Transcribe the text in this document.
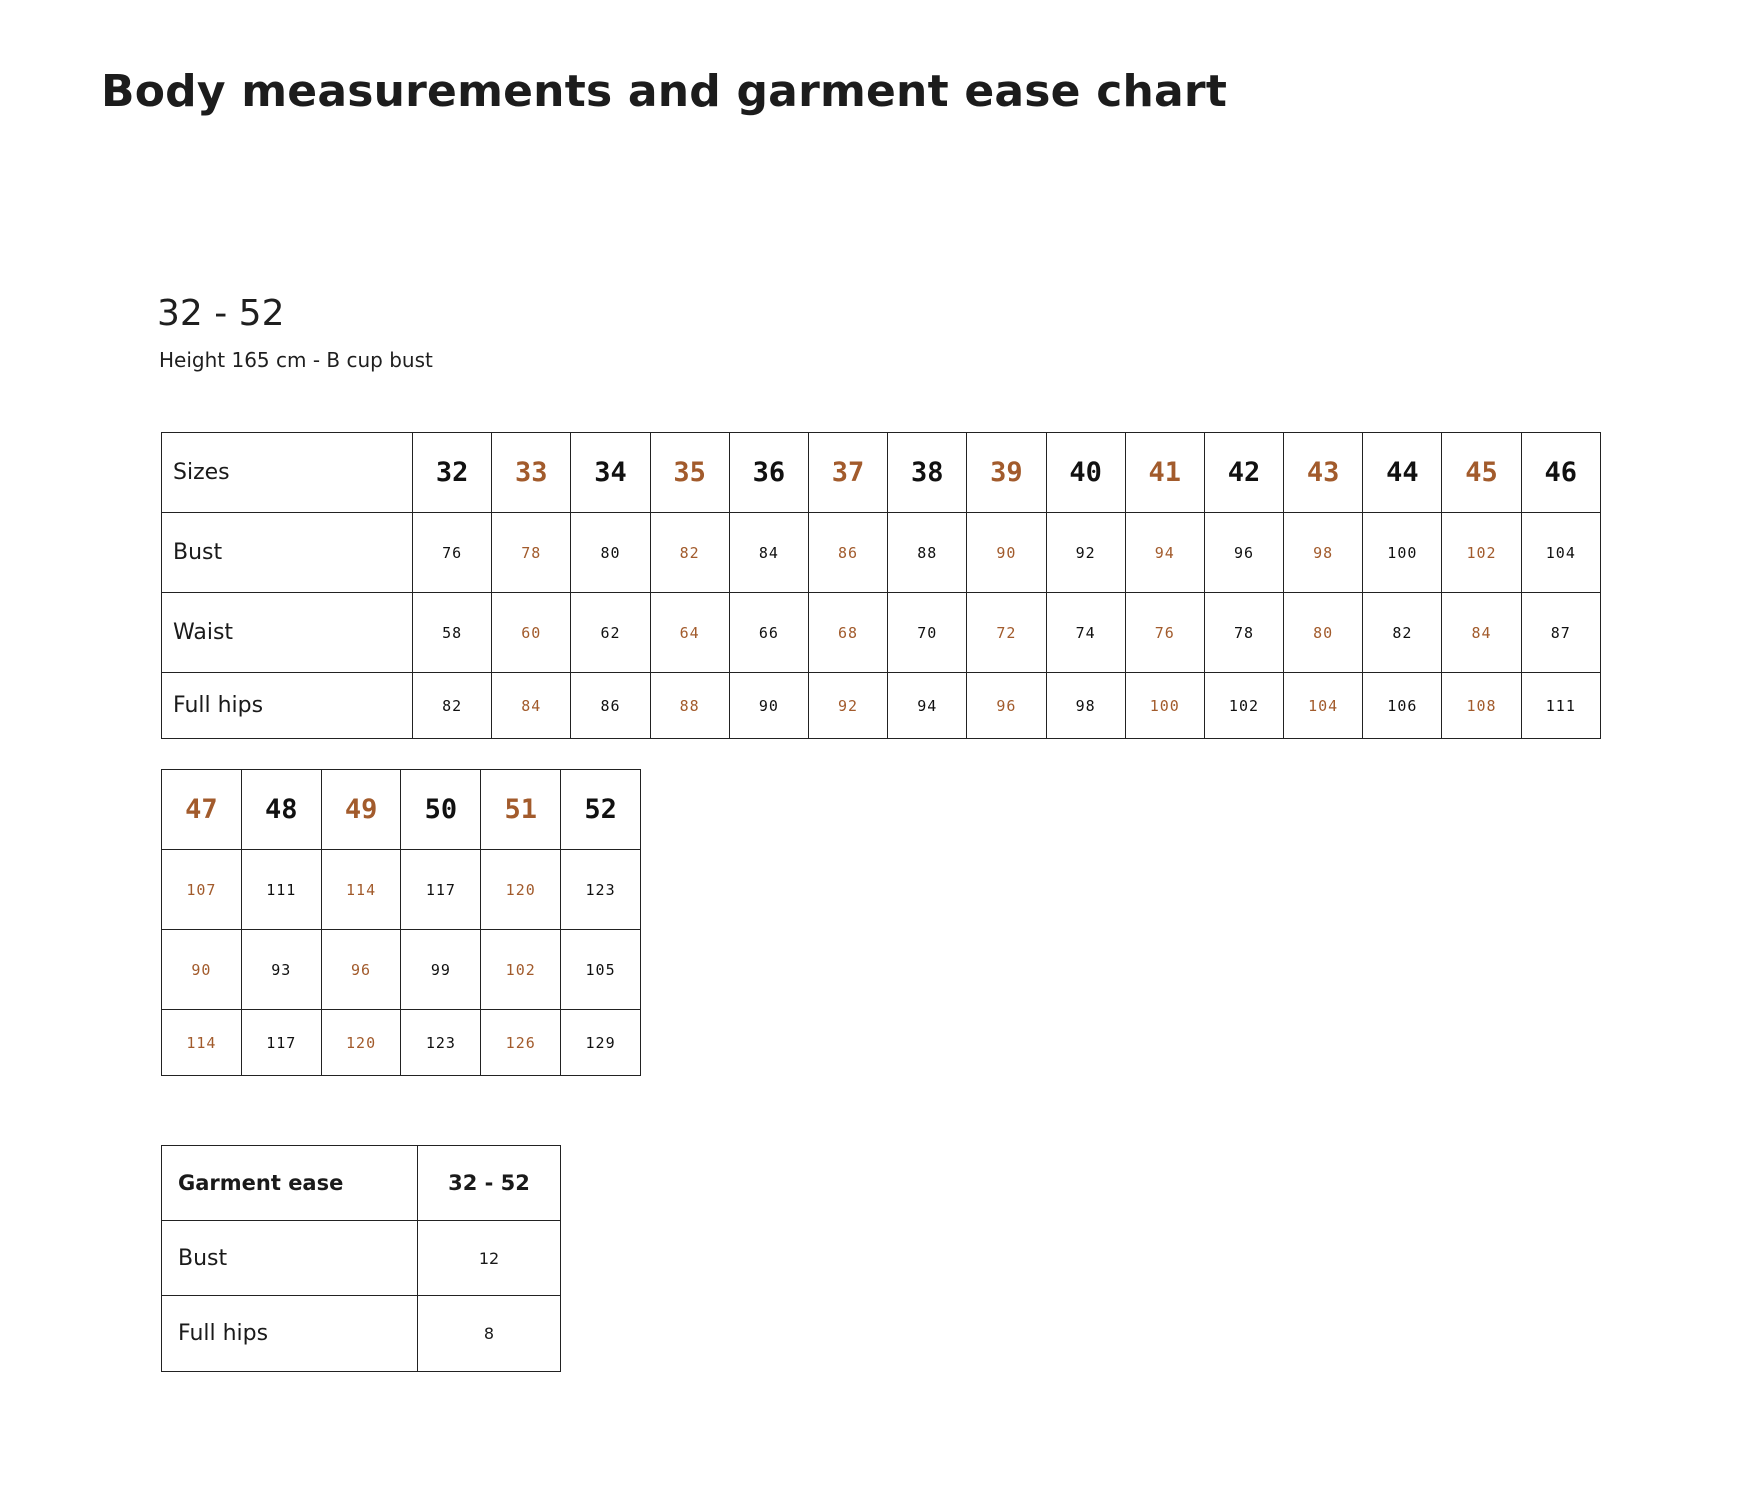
Body measurements and garment ease chart
32 - 52
Height 165 cm - B cup bust
Sizes	32	33	34	35	36	37	38	39	40	41	42	43	44	45	46
Bust	76	78	80	82	84	86	88	90	92	94	96	98	100	102	104
Waist	58	60	62	64	66	68	70	72	74	76	78	80	82	84	87
Full hips	82	84	86	88	90	92	94	96	98	100	102	104	106	108	111
47	48	49	50	51	52
107	111	114	117	120	123
90	93	96	99	102	105
114	117	120	123	126	129
Garment ease	32 - 52
Bust	12
Full hips	8
